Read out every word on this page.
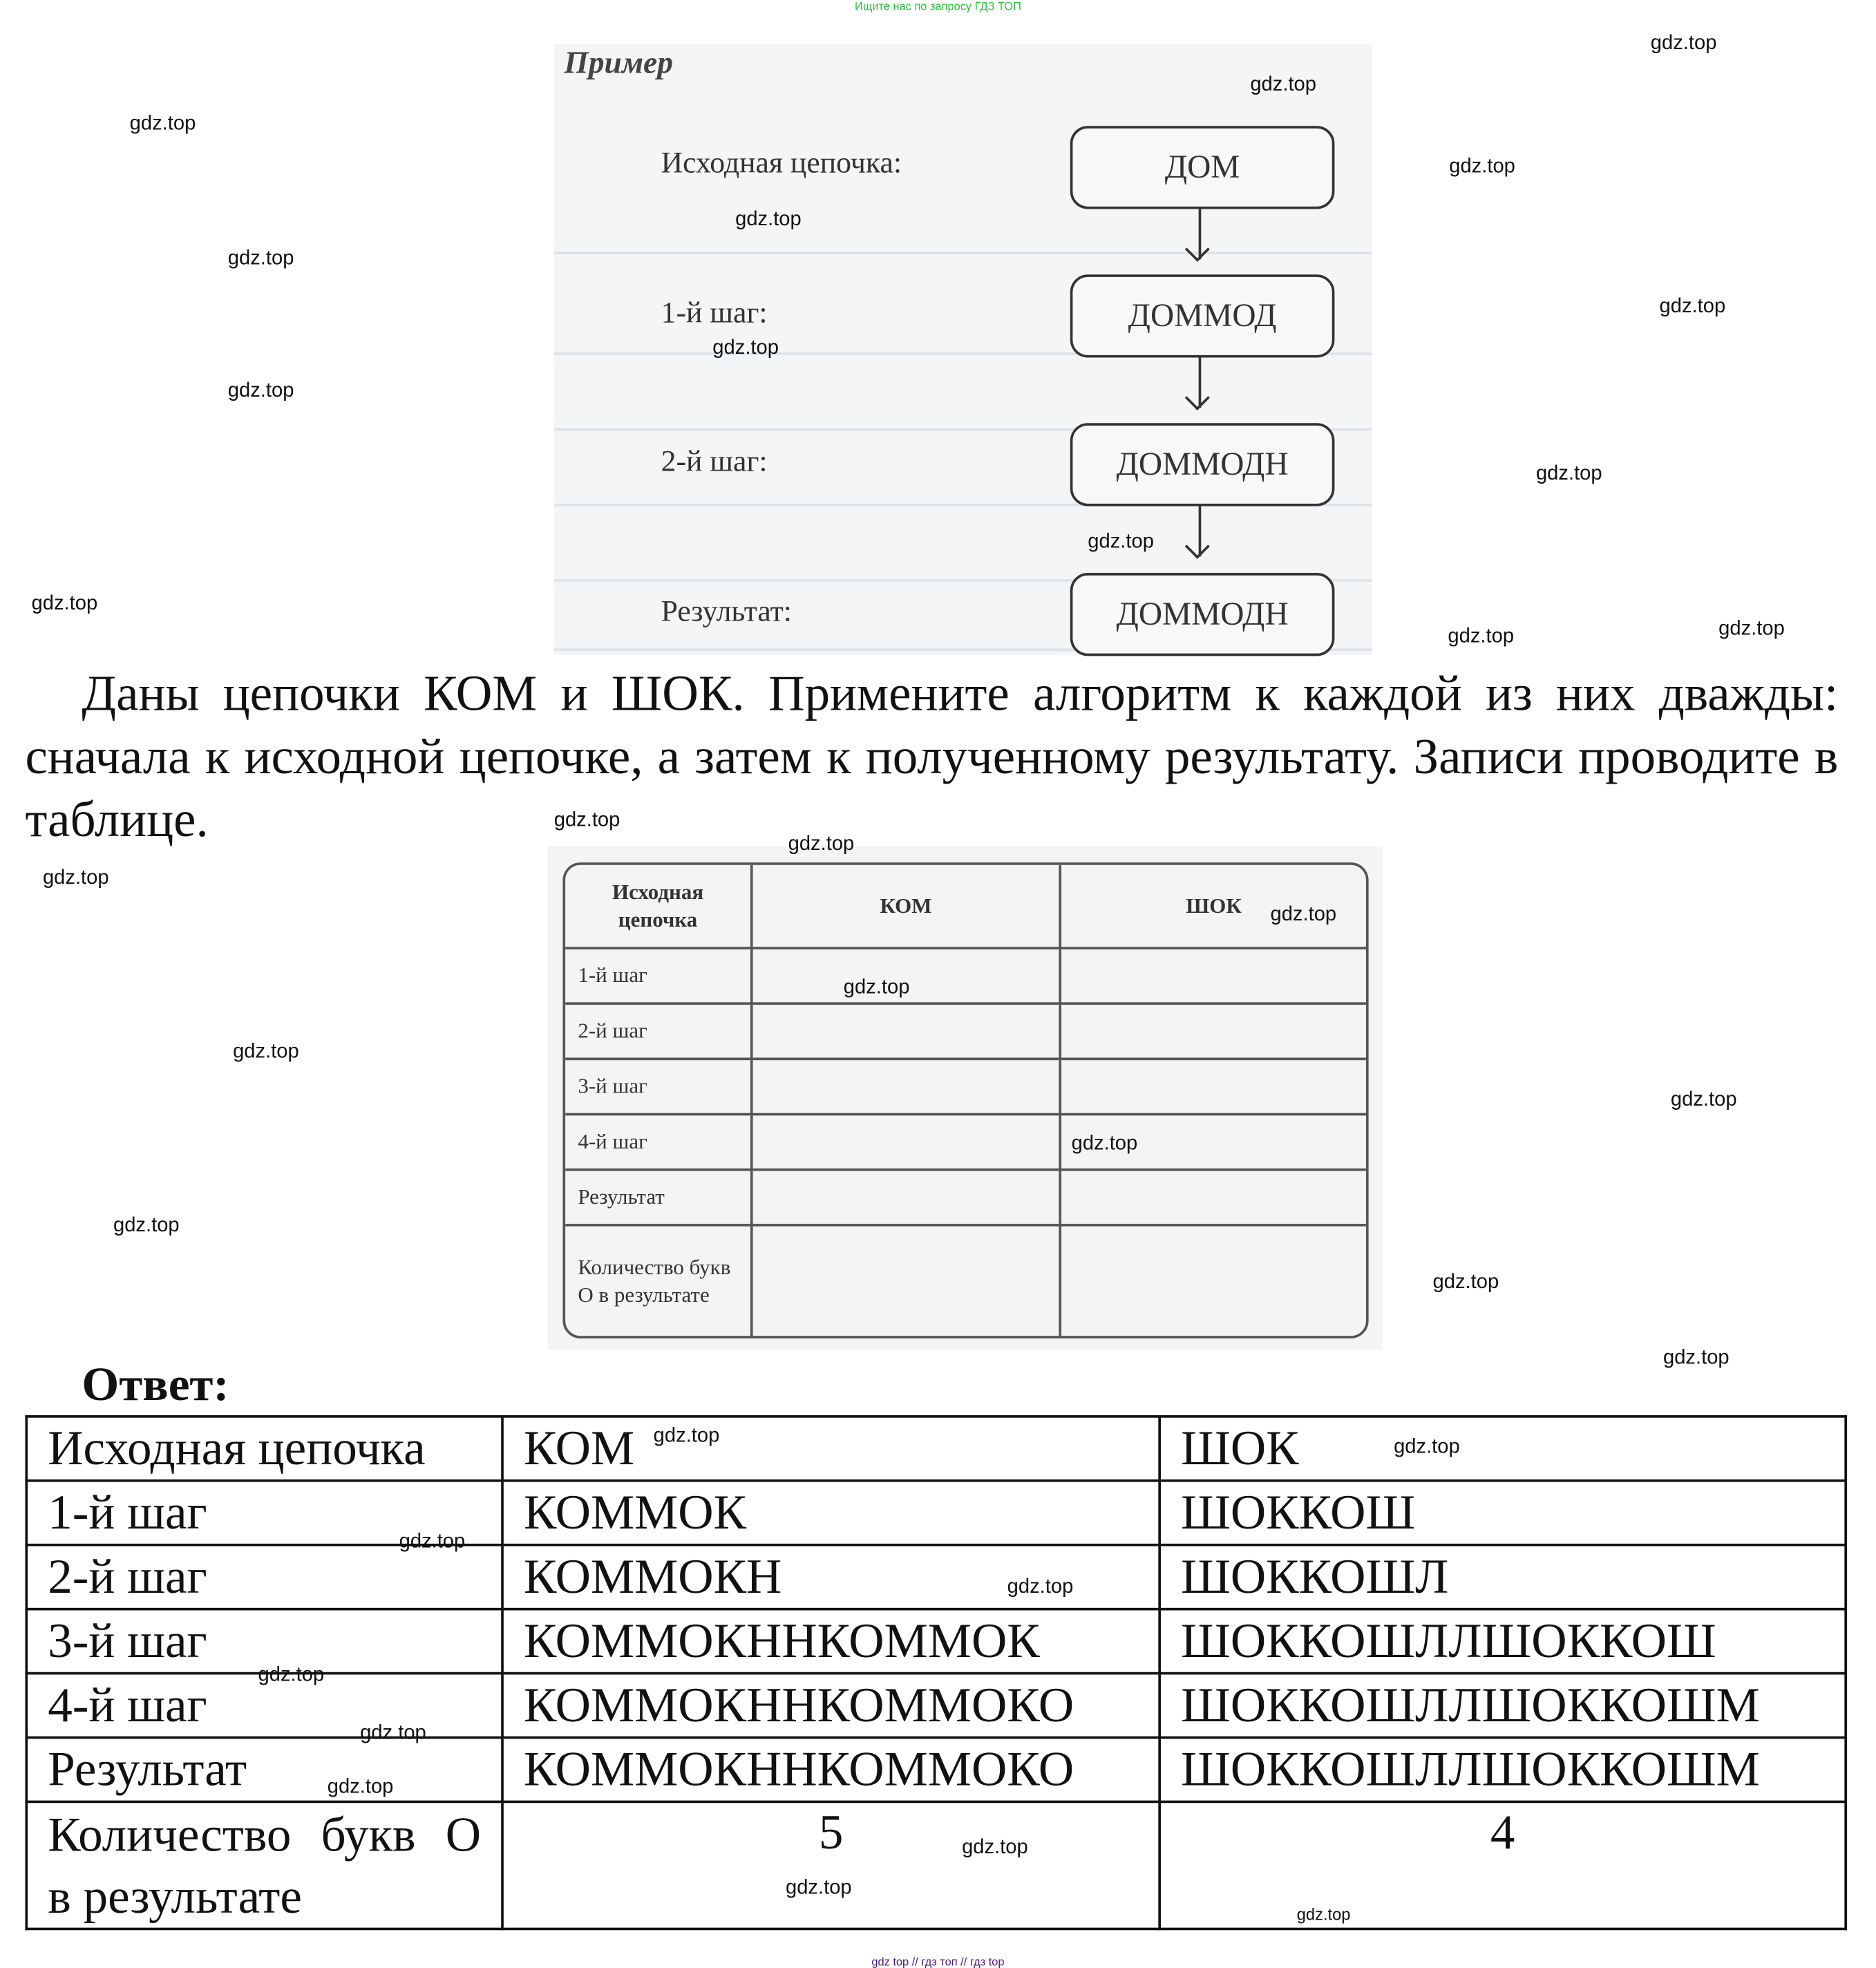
Ищите нас по запросу ГДЗ ТОП
Пример
Исходная цепочка:
1-й шаг:
2-й шаг:
Результат:
ДОМ
ДОММОД
ДОММОДН
ДОММОДН
Даны цепочки КОМ и ШОК. Примените алгоритм к каждой из них дважды: сначала к исходной цепочке, а затем к полученному результату. Записи проводите в таблице.
Исходная цепочка	КОМ	ШОК
1-й шаг		
2-й шаг		
3-й шаг		
4-й шаг		
Результат		
Количество букв О в результате		
Ответ:
Исходная цепочка	КОМ	ШОК
1-й шаг	КОММОК	ШОККОШ
2-й шаг	КОММОКН	ШОККОШЛ
3-й шаг	КОММОКННКОММОК	ШОККОШЛЛШОККОШ
4-й шаг	КОММОКННКОММОКО	ШОККОШЛЛШОККОШМ
Результат	КОММОКННКОММОКО	ШОККОШЛЛШОККОШМ
Количество букв О в результате	5	4
gdz top // гдз топ // гдз top
gdz.top
gdz.top
gdz.top
gdz.top
gdz.top
gdz.top
gdz.top
gdz.top
gdz.top
gdz.top
gdz.top
gdz.top
gdz.top
gdz.top
gdz.top
gdz.top
gdz.top
gdz.top
gdz.top
gdz.top
gdz.top
gdz.top
gdz.top
gdz.top
gdz.top
gdz.top
gdz.top
gdz.top
gdz.top
gdz.top
gdz.top
gdz.top
gdz.top
gdz.top
gdz.top
